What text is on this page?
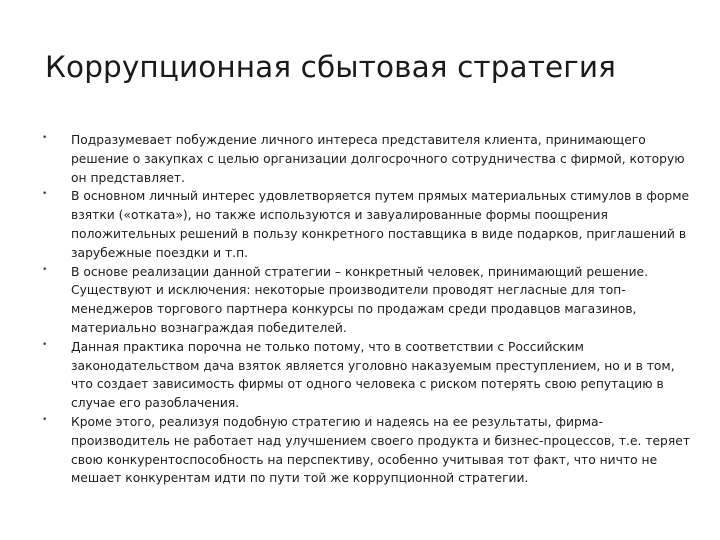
Коррупционная сбытовая стратегия
• Подразумевает побуждение личного интереса представителя клиента, принимающего решение о закупках с целью организации долгосрочного сотрудничества с фирмой, которую он представляет.
• В основном личный интерес удовлетворяется путем прямых материальных стимулов в форме взятки («отката»), но также используются и завуалированные формы поощрения положительных решений в пользу конкретного поставщика в виде подарков, приглашений в зарубежные поездки и т.п.
• В основе реализации данной стратегии – конкретный человек, принимающий решение. Существуют и исключения: некоторые производители проводят негласные для топ-менеджеров торгового партнера конкурсы по продажам среди продавцов магазинов, материально вознаграждая победителей.
• Данная практика порочна не только потому, что в соответствии с Российским законодательством дача взяток является уголовно наказуемым преступлением, но и в том, что создает зависимость фирмы от одного человека с риском потерять свою репутацию в случае его разоблачения.
• Кроме этого, реализуя подобную стратегию и надеясь на ее результаты, фирма-производитель не работает над улучшением своего продукта и бизнес-процессов, т.е. теряет свою конкурентоспособность на перспективу, особенно учитывая тот факт, что ничто не мешает конкурентам идти по пути той же коррупционной стратегии.
